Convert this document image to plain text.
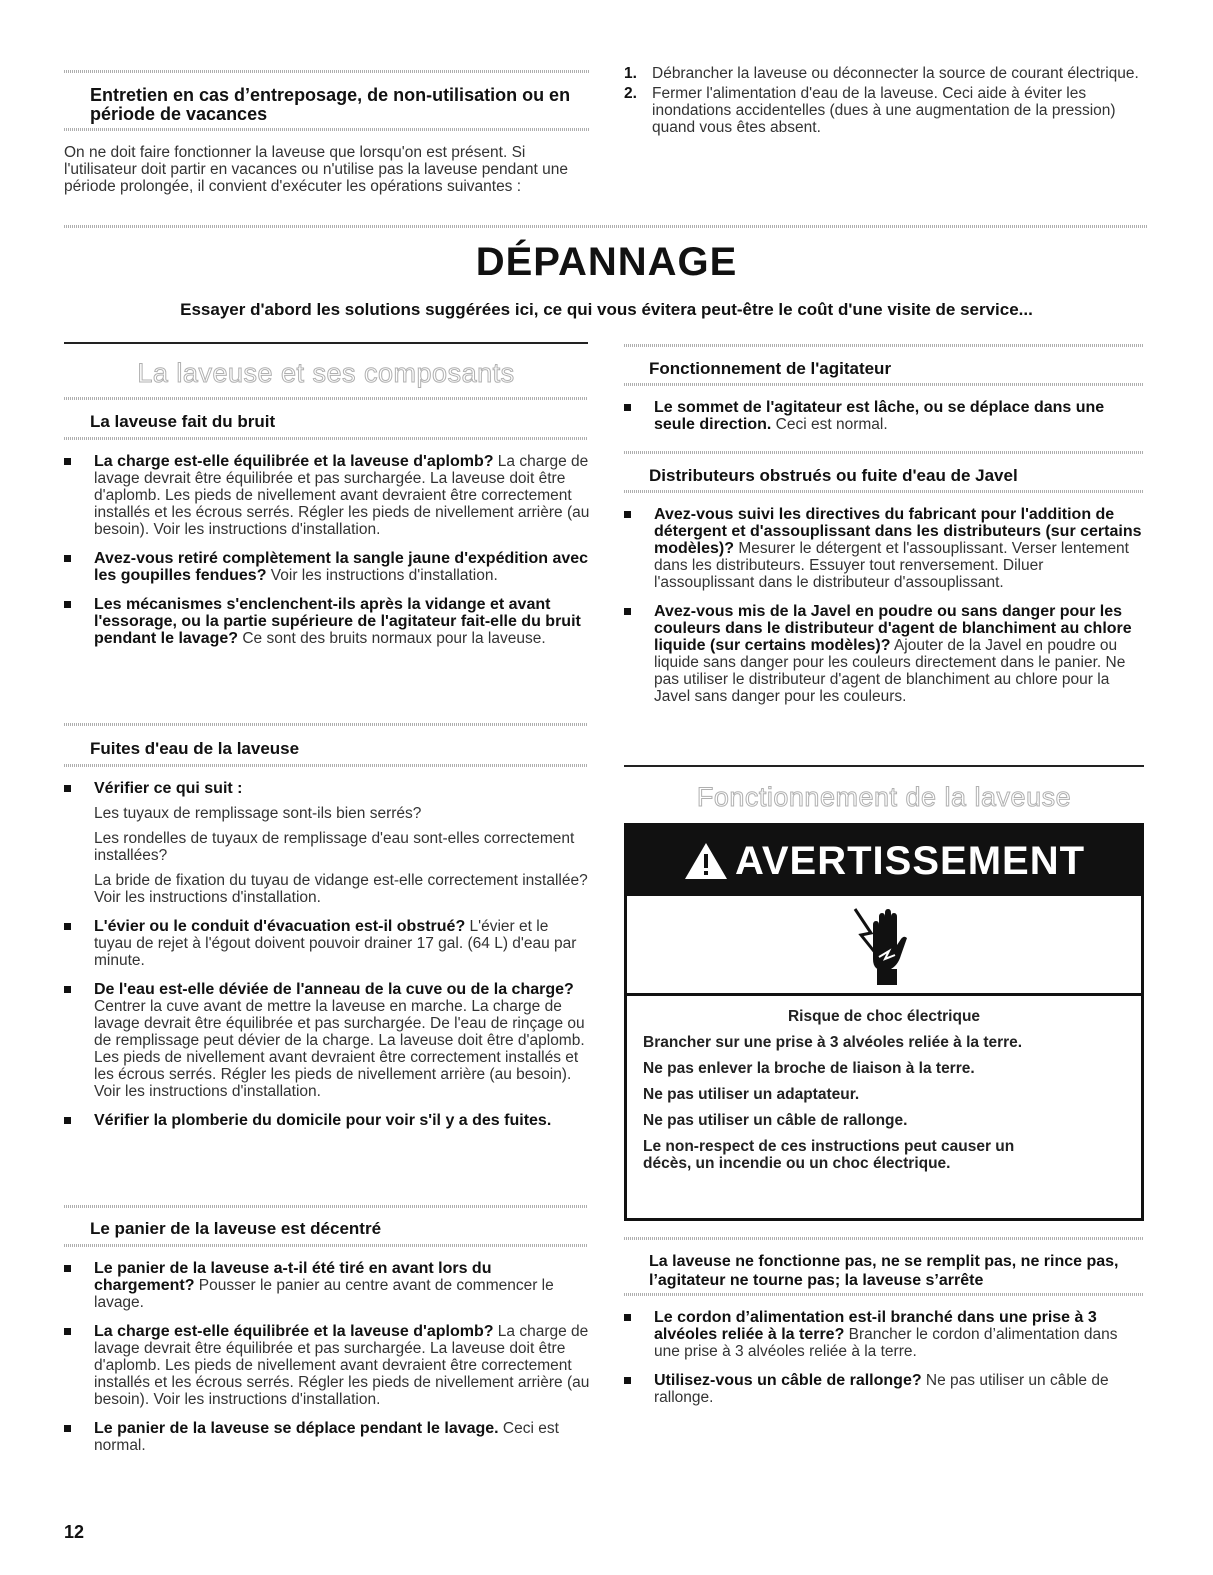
Entretien en cas d’entreposage, de non-utilisation ou en période de vacances
On ne doit faire fonctionner la laveuse que lorsqu'on est présent. Si l'utilisateur doit partir en vacances ou n'utilise pas la laveuse pendant une période prolongée, il convient d'exécuter les opérations suivantes :
1. Débrancher la laveuse ou déconnecter la source de courant électrique.
2. Fermer l'alimentation d'eau de la laveuse. Ceci aide à éviter les inondations accidentelles (dues à une augmentation de la pression) quand vous êtes absent.
DÉPANNAGE
Essayer d'abord les solutions suggérées ici, ce qui vous évitera peut-être le coût d'une visite de service...
La laveuse et ses composants
La laveuse fait du bruit
La charge est-elle équilibrée et la laveuse d'aplomb? La charge de lavage devrait être équilibrée et pas surchargée. La laveuse doit être d'aplomb. Les pieds de nivellement avant devraient être correctement installés et les écrous serrés. Régler les pieds de nivellement arrière (au besoin). Voir les instructions d'installation.
Avez-vous retiré complètement la sangle jaune d'expédition avec les goupilles fendues? Voir les instructions d'installation.
Les mécanismes s'enclenchent-ils après la vidange et avant l'essorage, ou la partie supérieure de l'agitateur fait-elle du bruit pendant le lavage? Ce sont des bruits normaux pour la laveuse.
Fuites d'eau de la laveuse
Vérifier ce qui suit :

Les tuyaux de remplissage sont-ils bien serrés?

Les rondelles de tuyaux de remplissage d'eau sont-elles correctement installées?

La bride de fixation du tuyau de vidange est-elle correctement installée? Voir les instructions d'installation.

L'évier ou le conduit d'évacuation est-il obstrué? L'évier et le tuyau de rejet à l'égout doivent pouvoir drainer 17 gal. (64 L) d'eau par minute.
De l'eau est-elle déviée de l'anneau de la cuve ou de la charge? Centrer la cuve avant de mettre la laveuse en marche. La charge de lavage devrait être équilibrée et pas surchargée. De l'eau de rinçage ou de remplissage peut dévier de la charge. La laveuse doit être d'aplomb. Les pieds de nivellement avant devraient être correctement installés et les écrous serrés. Régler les pieds de nivellement arrière (au besoin). Voir les instructions d'installation.
Vérifier la plomberie du domicile pour voir s'il y a des fuites.
Le panier de la laveuse est décentré
Le panier de la laveuse a-t-il été tiré en avant lors du chargement? Pousser le panier au centre avant de commencer le lavage.
La charge est-elle équilibrée et la laveuse d'aplomb? La charge de lavage devrait être équilibrée et pas surchargée. La laveuse doit être d'aplomb. Les pieds de nivellement avant devraient être correctement installés et les écrous serrés. Régler les pieds de nivellement arrière (au besoin). Voir les instructions d'installation.
Le panier de la laveuse se déplace pendant le lavage. Ceci est normal.
12
Fonctionnement de l'agitateur
Le sommet de l'agitateur est lâche, ou se déplace dans une seule direction. Ceci est normal.
Distributeurs obstrués ou fuite d'eau de Javel
Avez-vous suivi les directives du fabricant pour l'addition de détergent et d'assouplissant dans les distributeurs (sur certains modèles)? Mesurer le détergent et l'assouplissant. Verser lentement dans les distributeurs. Essuyer tout renversement. Diluer l'assouplissant dans le distributeur d'assouplissant.
Avez-vous mis de la Javel en poudre ou sans danger pour les couleurs dans le distributeur d'agent de blanchiment au chlore liquide (sur certains modèles)? Ajouter de la Javel en poudre ou liquide sans danger pour les couleurs directement dans le panier. Ne pas utiliser le distributeur d'agent de blanchiment au chlore pour la Javel sans danger pour les couleurs.
Fonctionnement de la laveuse
AVERTISSEMENT
Risque de choc électrique
Brancher sur une prise à 3 alvéoles reliée à la terre.
Ne pas enlever la broche de liaison à la terre.
Ne pas utiliser un adaptateur.
Ne pas utiliser un câble de rallonge.
Le non-respect de ces instructions peut causer un décès, un incendie ou un choc électrique.
La laveuse ne fonctionne pas, ne se remplit pas, ne rince pas, l’agitateur ne tourne pas; la laveuse s’arrête
Le cordon d’alimentation est-il branché dans une prise à 3 alvéoles reliée à la terre? Brancher le cordon d’alimentation dans une prise à 3 alvéoles reliée à la terre.
Utilisez-vous un câble de rallonge? Ne pas utiliser un câble de rallonge.
